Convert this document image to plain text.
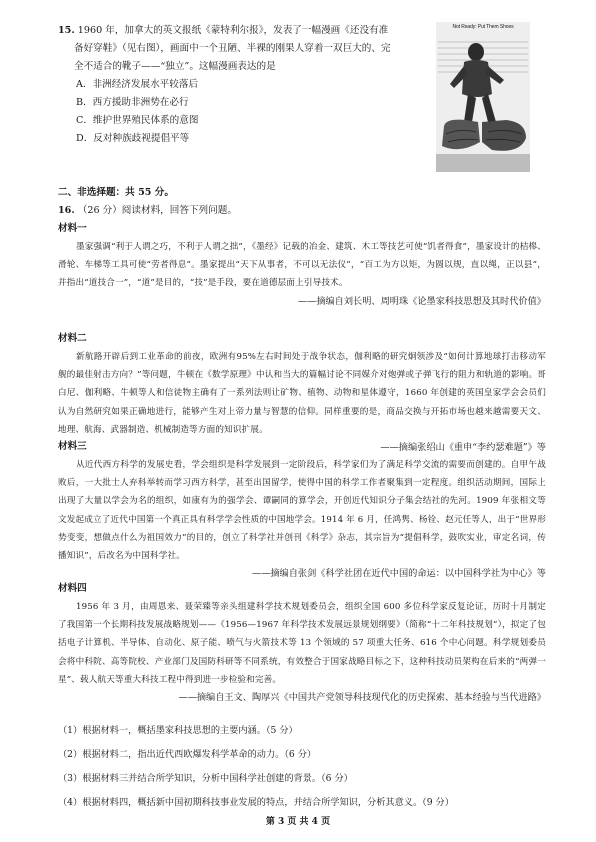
15. 1960 年，加拿大的英文报纸《蒙特利尔报》，发表了一幅漫画《还没有准
备好穿鞋》（见右图），画面中一个丑陋、半裸的刚果人穿着一双巨大的、完
全不适合的靴子——“独立”。这幅漫画表达的是
A．非洲经济发展水平较落后
B．西方援助非洲势在必行
C．维护世界殖民体系的意图
D．反对种族歧视提倡平等
Not Ready: Put Them Shoes
二、非选择题：共 55 分。
16. （26 分）阅读材料，回答下列问题。
材料一
墨家强调“利于人谓之巧，不利于人谓之拙”，《墨经》记载的冶金、建筑、木工等技艺可使“饥者得食”，墨家设计的桔槔、滑轮、车梯等工具可使“劳者得息”。墨家提出“天下从事者，不可以无法仪”，“百工为方以矩，为圆以规，直以绳，正以县”，并指出“道技合一”，“道”是目的，“技”是手段，要在道德层面上引导技术。
——摘编自刘长明、周明珠《论墨家科技思想及其时代价值》
材料二
新航路开辟后到工业革命的前夜，欧洲有95%左右时间处于战争状态，伽利略的研究炯领涉及“如何计算地球打击移动军舰的最佳射击方向？”等问题，牛顿在《数学原理》中认和当大的篇幅讨论不同媒介对炮弹或子弹飞行的阻力和轨道的影响。哥白尼、伽利略、牛顿等人和信徒物主确有了一系列法则让矿物、植物、动物和星体遵守，1660 年创建的英国皇家学会会员们认为自然研究如果正确地进行，能够产生对上帝力量与智慧的信仰。同样重要的是，商品交换与开拓市场也越来越需要天文、地理、航海、武器制造、机械制造等方面的知识扩展。
——摘编张绍山《重申“李约瑟难题”》等
材料三
从近代西方科学的发展史看，学会组织是科学发展到一定阶段后，科学家们为了满足科学交流的需要而创建的。自甲午战败后，一大批士人弃科举转而学习西方科学，甚至出国留学，使得中国的科学工作者聚集到一定程度。组织活动期间，国际上出现了大量以学会为名的组织，如康有为的强学会、谭嗣同的算学会，开创近代知识分子集会结社的先河。1909 年张相文等文发起成立了近代中国第一个真正具有科学学会性质的中国地学会。1914 年 6 月，任鸿隽、杨铨、赵元任等人，出于“世界形势变变，想做点什么为祖国效力”的目的，创立了科学社并创刊《科学》杂志，其宗旨为“提倡科学，鼓吹实业，审定名词，传播知识”，后改名为中国科学社。
——摘编自张剑《科学社团在近代中国的命运：以中国科学社为中心》等
材料四
1956 年 3 月，由周恩来、聂荣臻等亲头组建科学技术规划委员会，组织全国 600 多位科学家反复论证，历时十月制定了我国第一个长期科技发展战略规划——《1956—1967 年科学技术发展远景规划纲要》（简称“十二年科技规划”），拟定了包括电子计算机、半导体、自动化、原子能、喷气与火箭技术等 13 个领域的 57 项重大任务、616 个中心问题。科学规划委员会将中科院、高等院校、产业部门及国防科研等不同系统，有效整合于国家战略目标之下，这种科技动员架构在后来的“两弹一星”、载人航天等重大科技工程中得到进一步检验和完善。
——摘编自王文、陶厚兴《中国共产党领导科技现代化的历史探索、基本经验与当代进路》
（1）根据材料一，概括墨家科技思想的主要内涵。（5 分）
（2）根据材料二，指出近代西欧爆发科学革命的动力。（6 分）
（3）根据材料三并结合所学知识，分析中国科学社创建的背景。（6 分）
（4）根据材料四，概括新中国初期科技事业发展的特点，并结合所学知识，分析其意义。（9 分）
第 3 页 共 4 页
